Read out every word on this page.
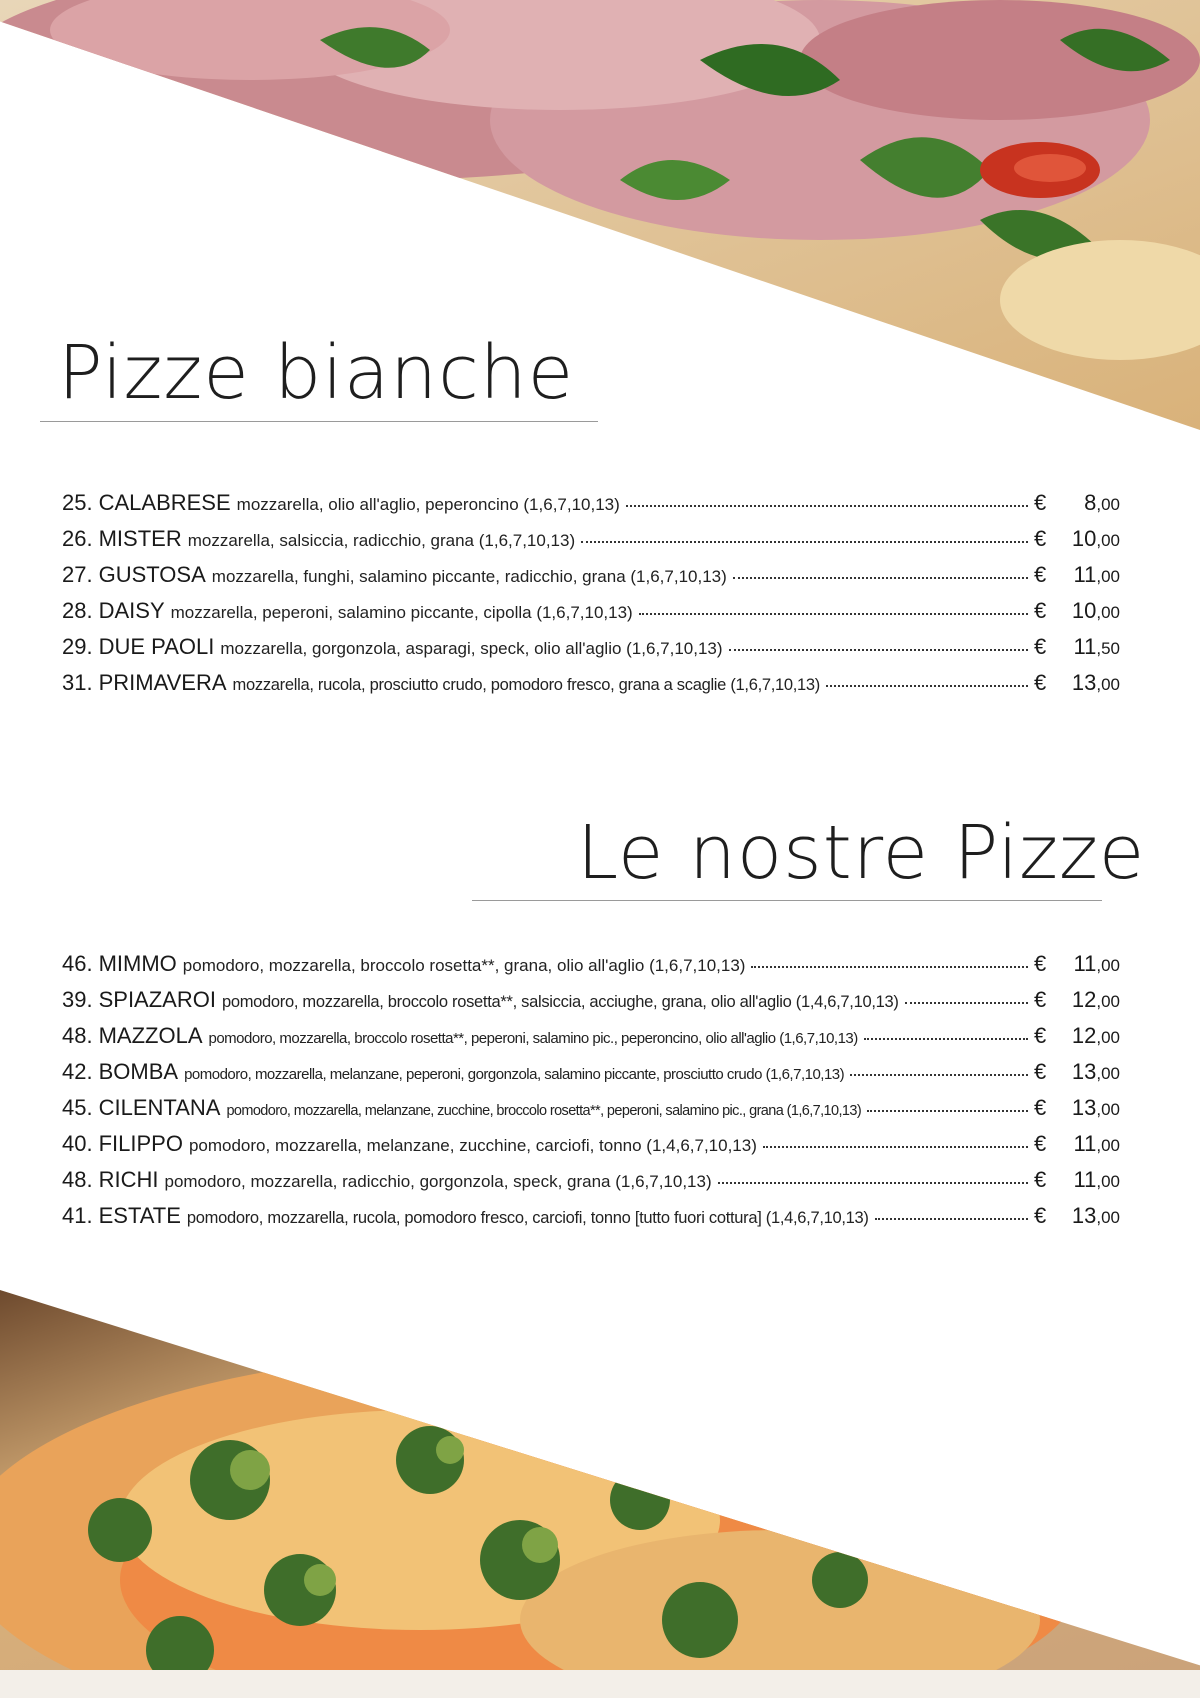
Pizze bianche
25. CALABRESE mozzarella, olio all'aglio, peperoncino (1,6,7,10,13)	€ 8,00
26. MISTER mozzarella, salsiccia, radicchio, grana (1,6,7,10,13)	€ 10,00
27. GUSTOSA mozzarella, funghi, salamino piccante, radicchio, grana (1,6,7,10,13)	€ 11,00
28. DAISY mozzarella, peperoni, salamino piccante, cipolla (1,6,7,10,13)	€ 10,00
29. DUE PAOLI mozzarella, gorgonzola, asparagi, speck, olio all'aglio (1,6,7,10,13)	€ 11,50
31. PRIMAVERA mozzarella, rucola, prosciutto crudo, pomodoro fresco, grana a scaglie (1,6,7,10,13)	€ 13,00
Le nostre Pizze
46. MIMMO pomodoro, mozzarella, broccolo rosetta**, grana, olio all'aglio (1,6,7,10,13)	€ 11,00
39. SPIAZAROI pomodoro, mozzarella, broccolo rosetta**, salsiccia, acciughe, grana, olio all'aglio (1,4,6,7,10,13)	€ 12,00
48. MAZZOLA pomodoro, mozzarella, broccolo rosetta**, peperoni, salamino pic., peperoncino, olio all'aglio (1,6,7,10,13)	€ 12,00
42. BOMBA pomodoro, mozzarella, melanzane, peperoni, gorgonzola, salamino piccante, prosciutto crudo (1,6,7,10,13)	€ 13,00
45. CILENTANA pomodoro, mozzarella, melanzane, zucchine, broccolo rosetta**, peperoni, salamino pic., grana (1,6,7,10,13)	€ 13,00
40. FILIPPO pomodoro, mozzarella, melanzane, zucchine, carciofi, tonno (1,4,6,7,10,13)	€ 11,00
48. RICHI pomodoro, mozzarella, radicchio, gorgonzola, speck, grana (1,6,7,10,13)	€ 11,00
41. ESTATE pomodoro, mozzarella, rucola, pomodoro fresco, carciofi, tonno [tutto fuori cottura] (1,4,6,7,10,13)	€ 13,00
